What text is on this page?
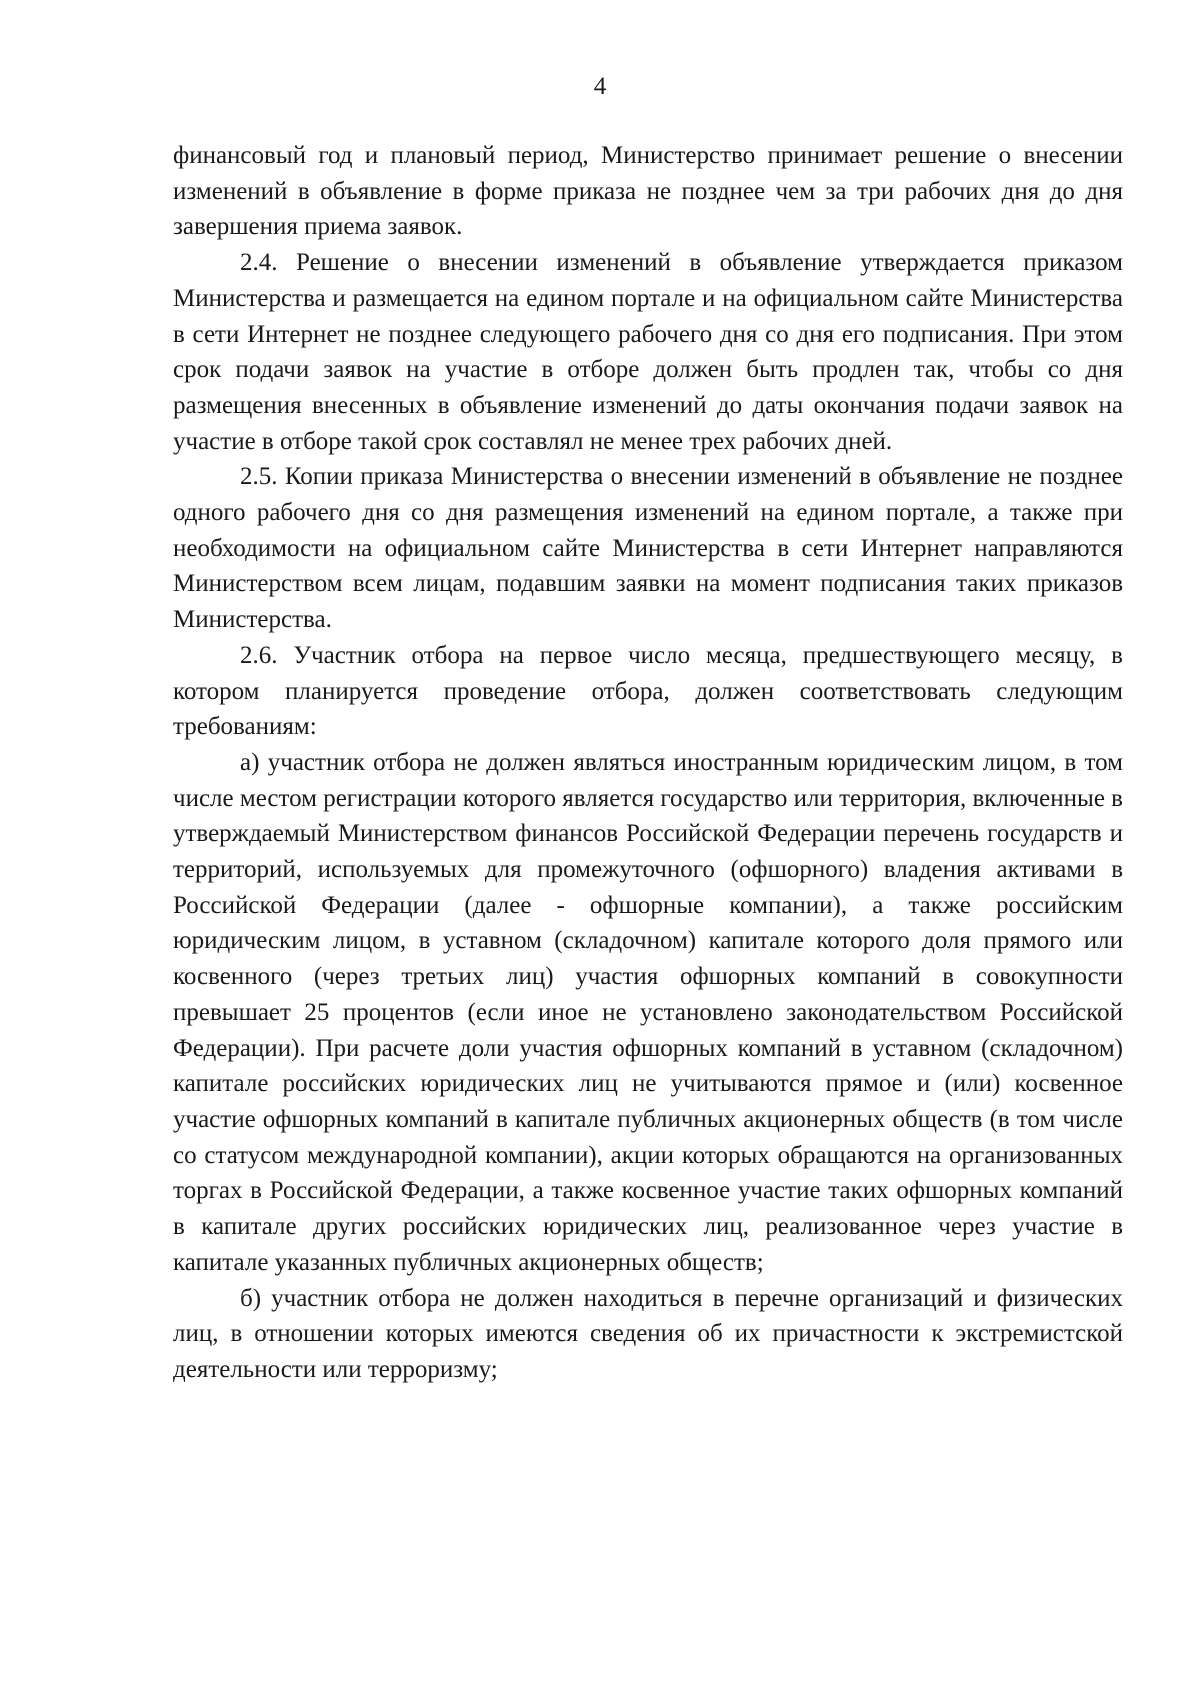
4

финансовый год и плановый период, Министерство принимает решение о внесении изменений в объявление в форме приказа не позднее чем за три рабочих дня до дня завершения приема заявок.

2.4. Решение о внесении изменений в объявление утверждается приказом Министерства и размещается на едином портале и на официальном сайте Министерства в сети Интернет не позднее следующего рабочего дня со дня его подписания. При этом срок подачи заявок на участие в отборе должен быть продлен так, чтобы со дня размещения внесенных в объявление изменений до даты окончания подачи заявок на участие в отборе такой срок составлял не менее трех рабочих дней.

2.5. Копии приказа Министерства о внесении изменений в объявление не позднее одного рабочего дня со дня размещения изменений на едином портале, а также при необходимости на официальном сайте Министерства в сети Интернет направляются Министерством всем лицам, подавшим заявки на момент подписания таких приказов Министерства.

2.6. Участник отбора на первое число месяца, предшествующего месяцу, в котором планируется проведение отбора, должен соответствовать следующим требованиям:

а) участник отбора не должен являться иностранным юридическим лицом, в том числе местом регистрации которого является государство или территория, включенные в утверждаемый Министерством финансов Российской Федерации перечень государств и территорий, используемых для промежуточного (офшорного) владения активами в Российской Федерации (далее - офшорные компании), а также российским юридическим лицом, в уставном (складочном) капитале которого доля прямого или косвенного (через третьих лиц) участия офшорных компаний в совокупности превышает 25 процентов (если иное не установлено законодательством Российской Федерации). При расчете доли участия офшорных компаний в уставном (складочном) капитале российских юридических лиц не учитываются прямое и (или) косвенное участие офшорных компаний в капитале публичных акционерных обществ (в том числе со статусом международной компании), акции которых обращаются на организованных торгах в Российской Федерации, а также косвенное участие таких офшорных компаний в капитале других российских юридических лиц, реализованное через участие в капитале указанных публичных акционерных обществ;

б) участник отбора не должен находиться в перечне организаций и физических лиц, в отношении которых имеются сведения об их причастности к экстремистской деятельности или терроризму;
